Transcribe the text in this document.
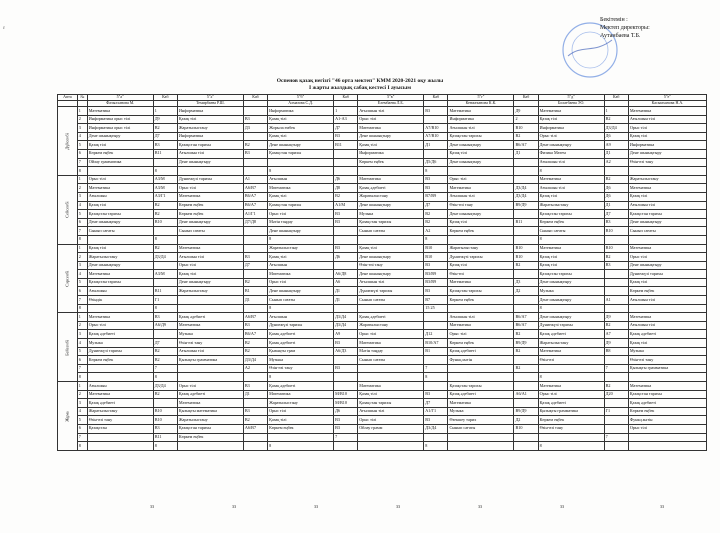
ε
Бекітемін :
Мектеп директоры:
Аутанбаева Т.Б.
Оспенов қазақ негізгі "46 орта мектеп" КММ 2020-2021 оқу жылы
I жарты жылдық сабақ кестесі I ауысым
Апта	№	5"а"	Каб	5"ә"	Каб	5"б"	Каб	5"в"	Каб	5"г"	Каб	5"д"	Каб	5"е"
		Фазылханова М.		Темирбаева Р.Ш.		Алмазова С.Д.		Елембаева Л.Б.		Кенжеханова К.К.		Болатбаева ЭО.		Касымханова Н.А.
Дүйсенбі	1	Математика	1	Информатика		Информатика	1	Ағылшын тілі	В3	Математика	Д9	Математика	1	Математика
	2	Информатика орыс тілі	Д9	Қазақ тілі	В3	Қазақ тілі	А1-А3	Орыс тілі		Информатика	2	Қазақ тілі	В2	Ағылшын тілі
	3	Информатика орыс тілі	В2	Жаратылыстану	Д3	Жорыла ембек	Д7	Математика	А7/В10	Ағылшын тілі	В10	Информатика	Д3/Д4	Орыс тілі
	4	Дене шынықтыру	Д7	Информатика		Қазақ тілі	В3	Дене шынықтыру	А7/В10	Қазақстан тарихы	В2	Орыс тілі	Д6	Қазақ тілі
	5	Қазақ тілі	В3	Қазақстан тарихы	В2	Дене шынықтыру	В11	Қазақ тілі	Д1	Дене шынықтыру	В6/А7	Дене шынықтыру	А9	Информатика
	6	Көркем еңбек	В11	Ағылшын тілі	В3	Қазақстан тарихы		Информатика		Қазақ тілі	Д1	Физика Матем	Д1	Дене шынықтыру
	7	Ойлау грамматика		Дене шынықтыру				Көркем еңбек	Д5/Д6	Дене шынықтыру		Ағылшын тілі	А2	Өзін-өзі тану
	8		8			8			8			8		
Сейсенбі	1	Орыс тілі	А3/М	Дүниежүзі тарихы	А1	Ағылшын	Д6	Математика	В3	Орыс тілі		Математика	В2	Жаратылыстану
	2	Математика	А3/М	Орыс тілі	А6/В7	Математика	Д8	Қазақ әдебиеті	В3	Математика	Д3/Д4	Ағылшын тілі	Д6	Математика
	3	Ағылшын	А3/Г1	Математика	В6/А7	Қазақ тілі	В2	Жаратылыстану	В7/В9	Ағылшын тілі	Д3/Д4	Қазақ тілі	Д6	Қазақ тілі
	4	Қазақ тілі	В2	Көркем еңбек	В6/А7	Қазақстан тарихы	А1/М	Дене шынықтыру	Д7	Өзін-өзі тану	В9/Д9	Жаратылыстану	Д1	Ағылшын тілі
	5	Қазақстан тарихы	В2	Көркем еңбек	А1/Г1	Орыс тілі	В3	Музыка	В2	Дене шынықтыру		Қазақстан тарихы	Д7	Қазақстан тарихы
	6	Дене шынықтыру	В10	Дене шынықтыру	Д7/Д8	Мәтін таңдау	В3	Қазақстан тарихы	В2	Қазақ тілі	В11	Көркем еңбек	В3	Дене шынықтыру
	7	Сынып сағаты		Сынып сағаты		Дене шынықтыру		Сынып сағаты	А2	Көркем еңбек		Сынып сағаты	В10	Сынып сағаты
	8		8			8			8			8		
Сәрсенбі	1	Қазақ тілі	В2	Математика		Жаратылыстану	В3	Қазақ тілі	В10	Жаратылыстану	В10	Математика	В10	Математика
	2	Жаратылыстану	Д3/Д4	Ағылшын тілі	В3	Қазақ тілі	Д6	Дене шынықтыру	В10	Дүниежүзі тарихы	В10	Қазақ тілі	В2	Орыс тілі
	3	Дене шынықтыру		Орыс тілі	Д7	Ағылшын		Өзін-өзі тану	В3	Қазақ тілі	В2	Қазақ тілі	В3	Дене шынықтыру
	4	Математика	А3/М	Қазақ тілі		Математика	А6/Д8	Дене шынықтыру	В3/В9	Өзін-өзі		Қазақстан тарихы		Дүниежүзі тарихы
	5	Қазақстан тарихы		Дене шынықтыру	В2	Орыс тілі	А6	Ағылшын тілі	В3/В9	Математика	Д3	Дене шынықтыру		Қазақ тілі
	6	Ағылшын	В11	Жаратылыстану	В1	Дене шынықтыру	Д1	Дүниежүзі тарихы	В3	Қазақстан тарихы	Д2	Музыка		Көркем еңбек
	7	Өзіндік	Г1		Д1	Сынып сағаты	Д1	Сынып сағаты	В7	Көркем еңбек		Дене шынықтыру	А1	Ағылшын тілі
	8		8			8			15 25			8		
Бейсенбі	1	Математика	В3	Қазақ әдебиеті	А6/В7	Ағылшын	Д3/Д4	Қазақ әдебиеті		Ағылшын тілі	В6/А7	Дене шынықтыру	Д9	Математика
	2	Орыс тілі	А6/Д9	Математика	В3	Дүниежүзі тарихы	Д3/Д4	Жаратылыстану		Математика	В6/А7	Дүниежүзі тарихы	В2	Ағылшын тілі
	3	Қазақ әдебиеті		Музыка	В6/А7	Қазақ әдебиеті	А9	Орыс тілі	Д12	Орыс тілі	В2	Қазақ әдебиеті	А7	Қазақ әдебиеті
	4	Музыка	Д7	Өзін-өзі тану	В2	Қазақ әдебиеті	В3	Математика	В10/А7	Көркем еңбек	В9/Д9	Жаратылыстану	Д9	Қазақ тілі
	5	Дүниежүзі тарихы	В2	Ағылшын тілі	В2	Қызықты грам	А6/Д3	Мәтін таңдау	В1	Қазақ әдебиеті	В2	Математика	В8	Музыка
	6	Көркем еңбек	В2	Қызықты грамматика	Д3/Д4	Музыка		Сынып сағаты		Функц.мәтін		Өзін-өзі		Өзін-өзі тану
	7		7		А2	Өзін-өзі тану	В3		7		В2		7	Қызықты грамматика
	8		8			8			8			8		
Жұма	1	Ағылшын	Д3/Д4	Орыс тілі	В3	Қазақ әдебиеті		Математика		Қазақстан тарихы		Математика	В2	Математика
	2	Математика	В2	Қазақ әдебиеті	Д1	Математика	М/В10	Қазақ тілі	В3	Қазақ әдебиеті	А6/А1	Орыс тілі	Д20	Қазақстан тарихы
	3	Қазақ әдебиеті		Математика		Жаратылыстану	М/В10	Қазақстан тарихы	Д7	Математика		Қазақ әдебиеті		Қазақ әдебиеті
	4	Жаратылыстану	В10	Қызықты математика	В3	Орыс тілі	Д6	Ағылшын тілі	А1/Г1	Музыка	В9/Д9	Қызықты грамматика	Г1	Көркем еңбек
	5	Өзін-өзі тану	В10	Жаратылыстану	В2	Қазақ тілі	В3	Орыс тілі	В3	Өзекшеу тарих	Д2	Көркем еңбек		Функц.мәтін
	6	Қазақстан	В3	Қазақстан тарихы	А6/В7	Көркем еңбек	В3	Ойлау грамм	Д3/Д4	Сынып сағаты	В10	Өзін-өзі тану		Орыс тілі
	7		В11	Көркем еңбек			7						7	
	8		8			8			8			8		
33	33	33	33	33	33	33
